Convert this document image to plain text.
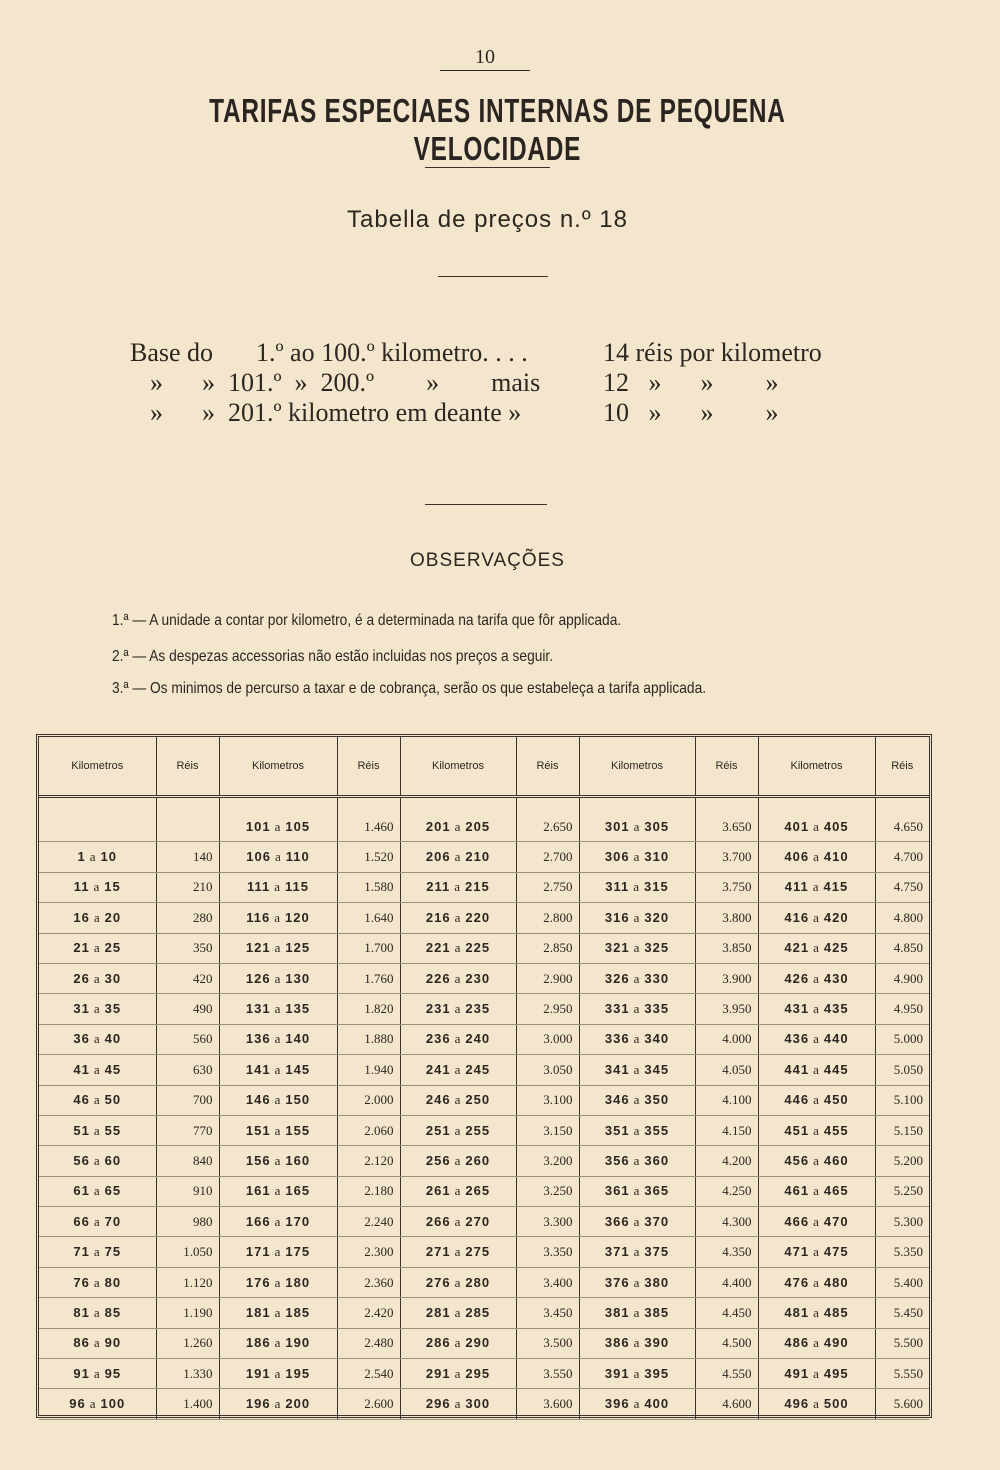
10
TARIFAS ESPECIAES INTERNAS DE PEQUENA VELOCIDADE
Tabella de preços n.º 18
Base do 1.º ao 100.º kilometro. . . .	14 réis por kilometro
» » 101.º  »  200.º        »        mais 12   »      »        »
» » 201.º kilometro em deante »	10   »      »        »
OBSERVAÇÕES
1.ª — A unidade a contar por kilometro, é a determinada na tarifa que fôr applicada.
2.ª — As despezas accessorias não estão incluidas nos preços a seguir.
3.ª — Os minimos de percurso a taxar e de cobrança, serão os que estabeleça a tarifa applicada.
Kilometros	Réis	Kilometros	Réis	Kilometros	Réis	Kilometros	Réis	Kilometros	Réis

		101 a 105	1.460	201 a 205	2.650	301 a 305	3.650	401 a 405	4.650
1 a 10	140	106 a 110	1.520	206 a 210	2.700	306 a 310	3.700	406 a 410	4.700
11 a 15	210	111 a 115	1.580	211 a 215	2.750	311 a 315	3.750	411 a 415	4.750
16 a 20	280	116 a 120	1.640	216 a 220	2.800	316 a 320	3.800	416 a 420	4.800
21 a 25	350	121 a 125	1.700	221 a 225	2.850	321 a 325	3.850	421 a 425	4.850
26 a 30	420	126 a 130	1.760	226 a 230	2.900	326 a 330	3.900	426 a 430	4.900
31 a 35	490	131 a 135	1.820	231 a 235	2.950	331 a 335	3.950	431 a 435	4.950
36 a 40	560	136 a 140	1.880	236 a 240	3.000	336 a 340	4.000	436 a 440	5.000
41 a 45	630	141 a 145	1.940	241 a 245	3.050	341 a 345	4.050	441 a 445	5.050
46 a 50	700	146 a 150	2.000	246 a 250	3.100	346 a 350	4.100	446 a 450	5.100
51 a 55	770	151 a 155	2.060	251 a 255	3.150	351 a 355	4.150	451 a 455	5.150
56 a 60	840	156 a 160	2.120	256 a 260	3.200	356 a 360	4.200	456 a 460	5.200
61 a 65	910	161 a 165	2.180	261 a 265	3.250	361 a 365	4.250	461 a 465	5.250
66 a 70	980	166 a 170	2.240	266 a 270	3.300	366 a 370	4.300	466 a 470	5.300
71 a 75	1.050	171 a 175	2.300	271 a 275	3.350	371 a 375	4.350	471 a 475	5.350
76 a 80	1.120	176 a 180	2.360	276 a 280	3.400	376 a 380	4.400	476 a 480	5.400
81 a 85	1.190	181 a 185	2.420	281 a 285	3.450	381 a 385	4.450	481 a 485	5.450
86 a 90	1.260	186 a 190	2.480	286 a 290	3.500	386 a 390	4.500	486 a 490	5.500
91 a 95	1.330	191 a 195	2.540	291 a 295	3.550	391 a 395	4.550	491 a 495	5.550
96 a 100	1.400	196 a 200	2.600	296 a 300	3.600	396 a 400	4.600	496 a 500	5.600
